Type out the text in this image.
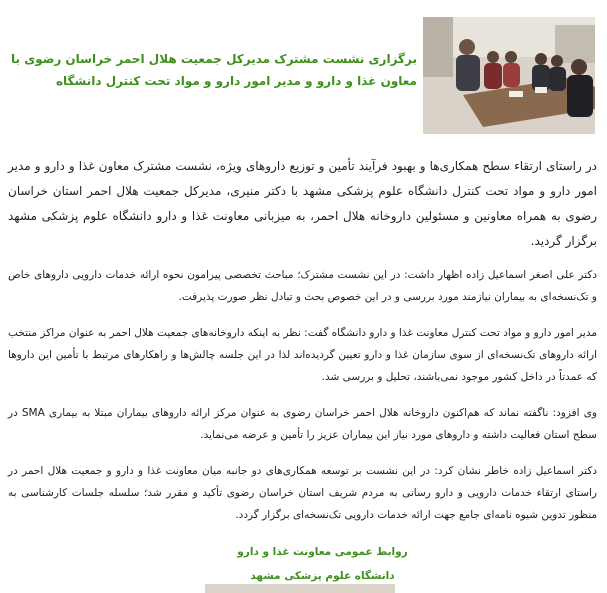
برگزاری نشست مشترک مدیرکل جمعیت هلال احمر خراسان رضوی با معاون غذا و دارو و مدیر امور دارو و مواد تحت کنترل دانشگاه

در راستای ارتقاء سطح همکاری‌ها و بهبود فرآیند تأمین و توزیع داروهای ویژه، نشست مشترک معاون غذا و دارو و مدیر امور دارو و مواد تحت کنترل دانشگاه علوم پزشکی مشهد با دکتر منیری، مدیرکل جمعیت هلال احمر استان خراسان رضوی به همراه معاونین و مسئولین داروخانه هلال احمر، به میزبانی معاونت غذا و دارو دانشگاه علوم پزشکی مشهد برگزار گردید.

دکتر علی اصغر اسماعیل زاده اظهار داشت: در این نشست مشترک؛ مباحث تخصصی پیرامون نحوه ارائه خدمات دارویی داروهای خاص و تک‌نسخه‌ای به بیماران نیازمند مورد بررسی و در این خصوص بحث و تبادل نظر صورت پذیرفت.

مدیر امور دارو و مواد تحت کنترل معاونت غذا و دارو دانشگاه گفت: نظر به اینکه داروخانه‌های جمعیت هلال احمر به عنوان مراکز منتخب ارائه داروهای تک‌نسخه‌ای از سوی سازمان غذا و دارو تعیین گردیده‌اند لذا در این جلسه چالش‌ها و راهکارهای مرتبط با تأمین این داروها که عمدتاً در داخل کشور موجود نمی‌باشند، تحلیل و بررسی شد.

وی افزود: ناگفته نماند که هم‌اکنون داروخانه هلال احمر خراسان رضوی به عنوان مرکز ارائه داروهای بیماران مبتلا به بیماری SMA در سطح استان فعالیت داشته و داروهای مورد نیاز این بیماران عزیز را تأمین و عرضه می‌نماید.

دکتر اسماعیل زاده خاطر نشان کرد: در این نشست بر توسعه همکاری‌های دو جانبه میان معاونت غذا و دارو و جمعیت هلال احمر در راستای ارتقاء خدمات دارویی و دارو رسانی به مردم شریف استان خراسان رضوی تأکید و مقرر شد؛ سلسله جلسات کارشناسی به منظور تدوین شیوه نامه‌ای جامع جهت ارائه خدمات دارویی تک‌نسخه‌ای برگزار گردد.

روابط عمومی معاونت غذا و دارو
دانشگاه علوم پزشکی مشهد
